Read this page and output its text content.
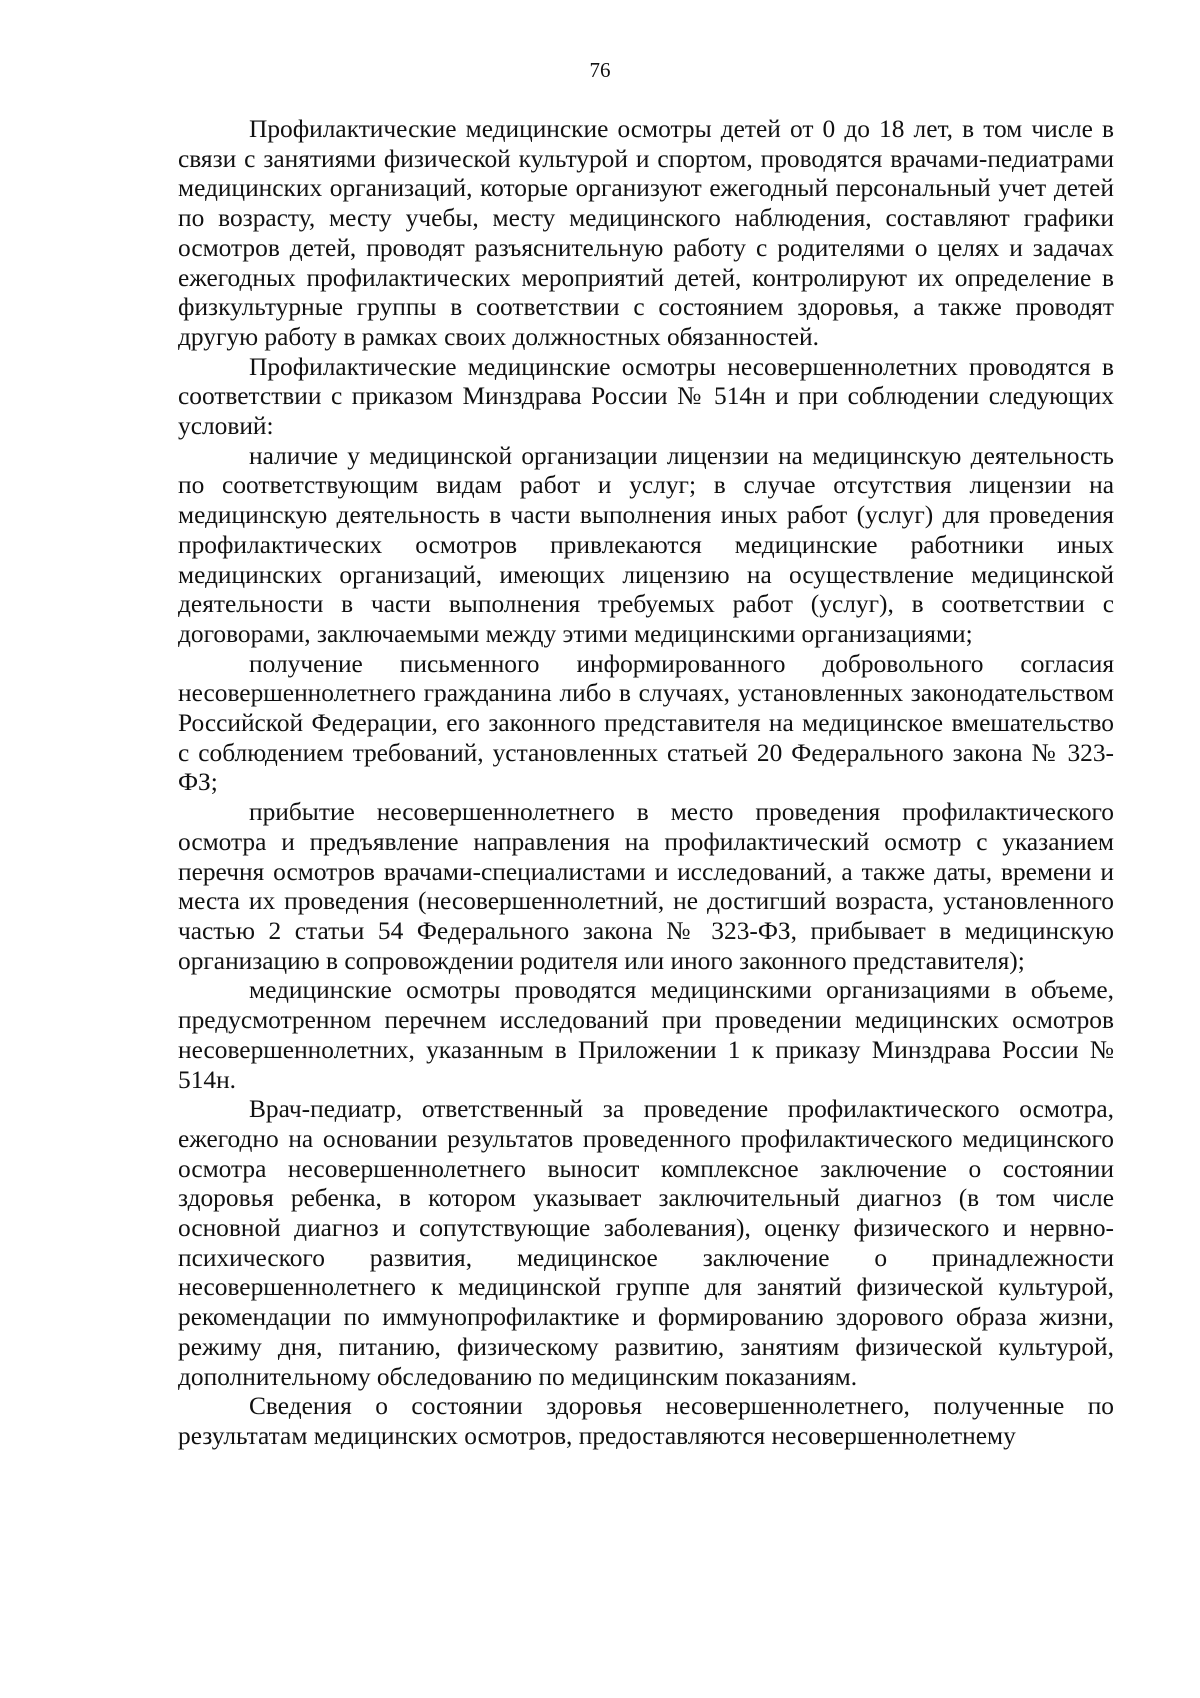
76

Профилактические медицинские осмотры детей от 0 до 18 лет, в том числе в связи с занятиями физической культурой и спортом, проводятся врачами-педиатрами медицинских организаций, которые организуют ежегодный персональный учет детей по возрасту, месту учебы, месту медицинского наблюдения, составляют графики осмотров детей, проводят разъяснительную работу с родителями о целях и задачах ежегодных профилактических мероприятий детей, контролируют их определение в физкультурные группы в соответствии с состоянием здоровья, а также проводят другую работу в рамках своих должностных обязанностей.

Профилактические медицинские осмотры несовершеннолетних проводятся в соответствии с приказом Минздрава России № 514н и при соблюдении следующих условий:

наличие у медицинской организации лицензии на медицинскую деятельность по соответствующим видам работ и услуг; в случае отсутствия лицензии на медицинскую деятельность в части выполнения иных работ (услуг) для проведения профилактических осмотров привлекаются медицинские работники иных медицинских организаций, имеющих лицензию на осуществление медицинской деятельности в части выполнения требуемых работ (услуг), в соответствии с договорами, заключаемыми между этими медицинскими организациями;

получение письменного информированного добровольного согласия несовершеннолетнего гражданина либо в случаях, установленных законодательством Российской Федерации, его законного представителя на медицинское вмешательство с соблюдением требований, установленных статьей 20 Федерального закона № 323-ФЗ;

прибытие несовершеннолетнего в место проведения профилактического осмотра и предъявление направления на профилактический осмотр с указанием перечня осмотров врачами-специалистами и исследований, а также даты, времени и места их проведения (несовершеннолетний, не достигший возраста, установленного частью 2 статьи 54 Федерального закона № 323-ФЗ, прибывает в медицинскую организацию в сопровождении родителя или иного законного представителя);

медицинские осмотры проводятся медицинскими организациями в объеме, предусмотренном перечнем исследований при проведении медицинских осмотров несовершеннолетних, указанным в Приложении 1 к приказу Минздрава России № 514н.

Врач-педиатр, ответственный за проведение профилактического осмотра, ежегодно на основании результатов проведенного профилактического медицинского осмотра несовершеннолетнего выносит комплексное заключение о состоянии здоровья ребенка, в котором указывает заключительный диагноз (в том числе основной диагноз и сопутствующие заболевания), оценку физического и нервно-психического развития, медицинское заключение о принадлежности несовершеннолетнего к медицинской группе для занятий физической культурой, рекомендации по иммунопрофилактике и формированию здорового образа жизни, режиму дня, питанию, физическому развитию, занятиям физической культурой, дополнительному обследованию по медицинским показаниям.

Сведения о состоянии здоровья несовершеннолетнего, полученные по результатам медицинских осмотров, предоставляются несовершеннолетнему
